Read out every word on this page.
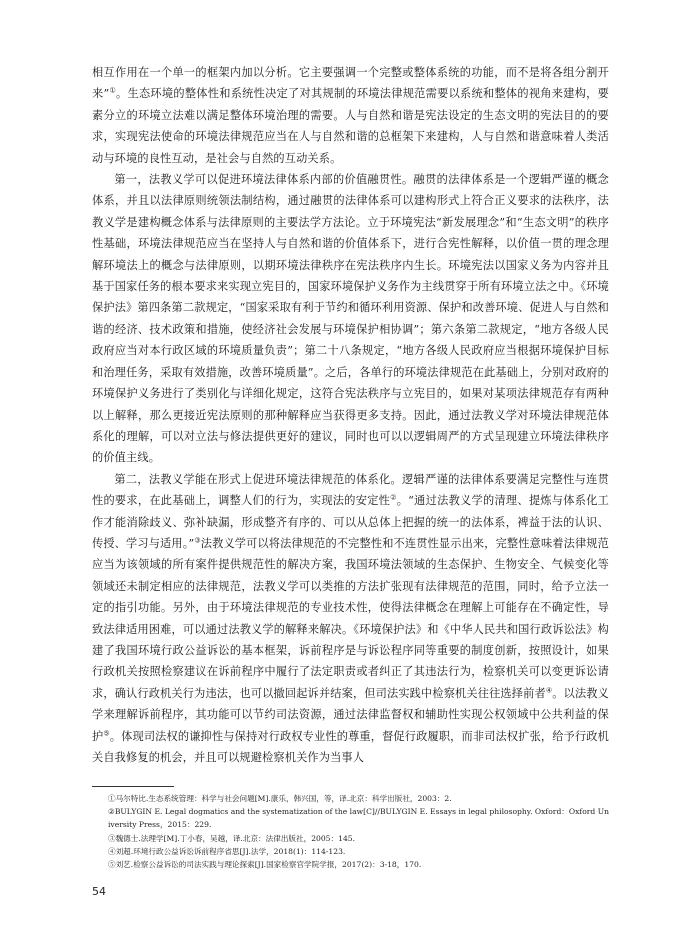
相互作用在一个单一的框架内加以分析。它主要强调一个完整或整体系统的功能，而不是将各组分割开来”①。生态环境的整体性和系统性决定了对其规制的环境法律规范需要以系统和整体的视角来建构，要素分立的环境立法难以满足整体环境治理的需要。人与自然和谐是宪法设定的生态文明的宪法目的的要求，实现宪法使命的环境法律规范应当在人与自然和谐的总框架下来建构，人与自然和谐意味着人类活动与环境的良性互动，是社会与自然的互动关系。

第一，法教义学可以促进环境法律体系内部的价值融贯性。融贯的法律体系是一个逻辑严谨的概念体系，并且以法律原则统领法制结构，通过融贯的法律体系可以建构形式上符合正义要求的法秩序，法教义学是建构概念体系与法律原则的主要法学方法论。立于环境宪法“新发展理念”和“生态文明”的秩序性基础，环境法律规范应当在坚持人与自然和谐的价值体系下，进行合宪性解释，以价值一贯的理念理解环境法上的概念与法律原则，以期环境法律秩序在宪法秩序内生长。环境宪法以国家义务为内容并且基于国家任务的根本要求来实现立宪目的，国家环境保护义务作为主线贯穿于所有环境立法之中。《环境保护法》第四条第二款规定，“国家采取有利于节约和循环利用资源、保护和改善环境、促进人与自然和谐的经济、技术政策和措施，使经济社会发展与环境保护相协调”；第六条第二款规定，“地方各级人民政府应当对本行政区域的环境质量负责”；第二十八条规定，“地方各级人民政府应当根据环境保护目标和治理任务，采取有效措施，改善环境质量”。之后，各单行的环境法律规范在此基础上，分别对政府的环境保护义务进行了类别化与详细化规定，这符合宪法秩序与立宪目的，如果对某项法律规范存有两种以上解释，那么更接近宪法原则的那种解释应当获得更多支持。因此，通过法教义学对环境法律规范体系化的理解，可以对立法与修法提供更好的建议，同时也可以以逻辑周严的方式呈现建立环境法律秩序的价值主线。

第二，法教义学能在形式上促进环境法律规范的体系化。逻辑严谨的法律体系要满足完整性与连贯性的要求，在此基础上，调整人们的行为，实现法的安定性②。“通过法教义学的清理、提炼与体系化工作才能消除歧义、弥补缺漏，形成整齐有序的、可以从总体上把握的统一的法体系，裨益于法的认识、传授、学习与适用。”③法教义学可以将法律规范的不完整性和不连贯性显示出来，完整性意味着法律规范应当为该领域的所有案件提供规范性的解决方案，我国环境法领域的生态保护、生物安全、气候变化等领域还未制定相应的法律规范，法教义学可以类推的方法扩张现有法律规范的范围，同时，给予立法一定的指引功能。另外，由于环境法律规范的专业技术性，使得法律概念在理解上可能存在不确定性，导致法律适用困难，可以通过法教义学的解释来解决。《环境保护法》和《中华人民共和国行政诉讼法》构建了我国环境行政公益诉讼的基本框架，诉前程序是与诉讼程序同等重要的制度创新，按照设计，如果行政机关按照检察建议在诉前程序中履行了法定职责或者纠正了其违法行为，检察机关可以变更诉讼请求，确认行政机关行为违法，也可以撤回起诉并结案，但司法实践中检察机关往往选择前者④。以法教义学来理解诉前程序，其功能可以节约司法资源，通过法律监督权和辅助性实现公权领域中公共利益的保护⑤。体现司法权的谦抑性与保持对行政权专业性的尊重，督促行政履职，而非司法权扩张，给予行政机关自我修复的机会，并且可以规避检察机关作为当事人

①马尔特比.生态系统管理：科学与社会问题[M].康乐，韩兴国，等，译.北京：科学出版社，2003：2.

②BULYGIN E. Legal dogmatics and the systematization of the law[C]//BULYGIN E. Essays in legal philosophy. Oxford：Oxford University Press，2015：229.

③魏德士.法理学[M].丁小春，吴越，译.北京：法律出版社，2005：145.

④刘超.环境行政公益诉讼诉前程序省思[J].法学，2018(1)：114-123.

⑤刘艺.检察公益诉讼的司法实践与理论探索[J].国家检察官学院学报，2017(2)：3-18，170.

54
